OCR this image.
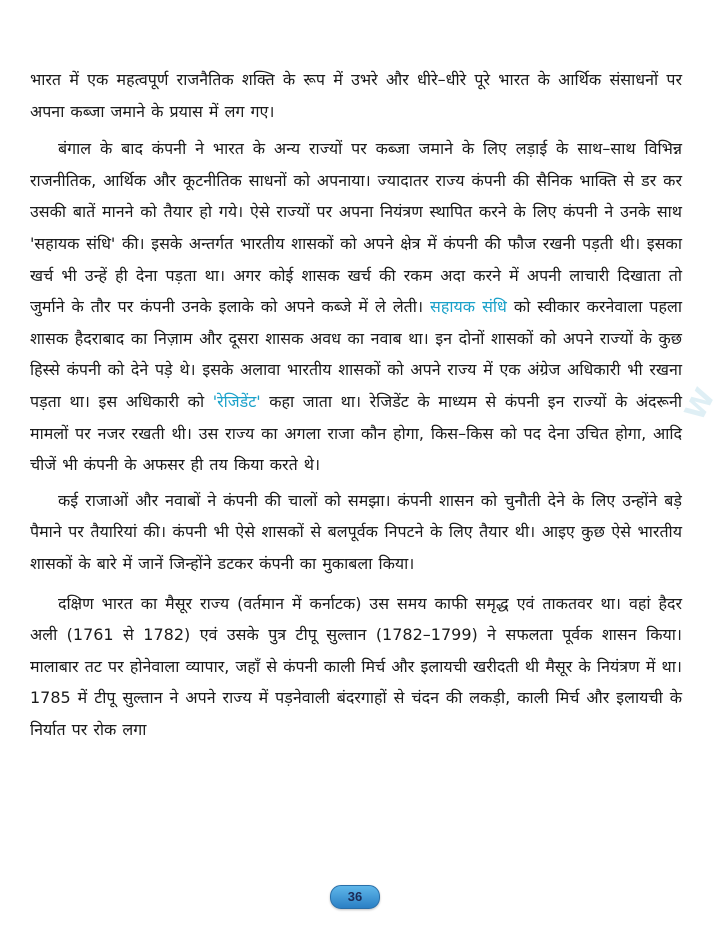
भारत में एक महत्वपूर्ण राजनैतिक शक्ति के रूप में उभरे और धीरे–धीरे पूरे भारत के आर्थिक संसाधनों पर अपना कब्जा जमाने के प्रयास में लग गए।

बंगाल के बाद कंपनी ने भारत के अन्य राज्यों पर कब्जा जमाने के लिए लड़ाई के साथ–साथ विभिन्न राजनीतिक, आर्थिक और कूटनीतिक साधनों को अपनाया। ज्यादातर राज्य कंपनी की सैनिक भाक्ति से डर कर उसकी बातें मानने को तैयार हो गये। ऐसे राज्यों पर अपना नियंत्रण स्थापित करने के लिए कंपनी ने उनके साथ 'सहायक संधि' की। इसके अन्तर्गत भारतीय शासकों को अपने क्षेत्र में कंपनी की फौज रखनी पड़ती थी। इसका खर्च भी उन्हें ही देना पड़ता था। अगर कोई शासक खर्च की रकम अदा करने में अपनी लाचारी दिखाता तो जुर्माने के तौर पर कंपनी उनके इलाके को अपने कब्जे में ले लेती। सहायक संधि को स्वीकार करनेवाला पहला शासक हैदराबाद का निज़ाम और दूसरा शासक अवध का नवाब था। इन दोनों शासकों को अपने राज्यों के कुछ हिस्से कंपनी को देने पड़े थे। इसके अलावा भारतीय शासकों को अपने राज्य में एक अंग्रेज अधिकारी भी रखना पड़ता था। इस अधिकारी को 'रेजिडेंट' कहा जाता था। रेजिडेंट के माध्यम से कंपनी इन राज्यों के अंदरूनी मामलों पर नजर रखती थी। उस राज्य का अगला राजा कौन होगा, किस–किस को पद देना उचित होगा, आदि चीजें भी कंपनी के अफसर ही तय किया करते थे।

कई राजाओं और नवाबों ने कंपनी की चालों को समझा। कंपनी शासन को चुनौती देने के लिए उन्होंने बड़े पैमाने पर तैयारियां की। कंपनी भी ऐसे शासकों से बलपूर्वक निपटने के लिए तैयार थी। आइए कुछ ऐसे भारतीय शासकों के बारे में जानें जिन्होंने डटकर कंपनी का मुकाबला किया।

दक्षिण भारत का मैसूर राज्य (वर्तमान में कर्नाटक) उस समय काफी समृद्ध एवं ताकतवर था। वहां हैदर अली (1761 से 1782) एवं उसके पुत्र टीपू सुल्तान (1782–1799) ने सफलता पूर्वक शासन किया। मालाबार तट पर होनेवाला व्यापार, जहाँ से कंपनी काली मिर्च और इलायची खरीदती थी मैसूर के नियंत्रण में था। 1785 में टीपू सुल्तान ने अपने राज्य में पड़नेवाली बंदरगाहों से चंदन की लकड़ी, काली मिर्च और इलायची के निर्यात पर रोक लगा

W
36
